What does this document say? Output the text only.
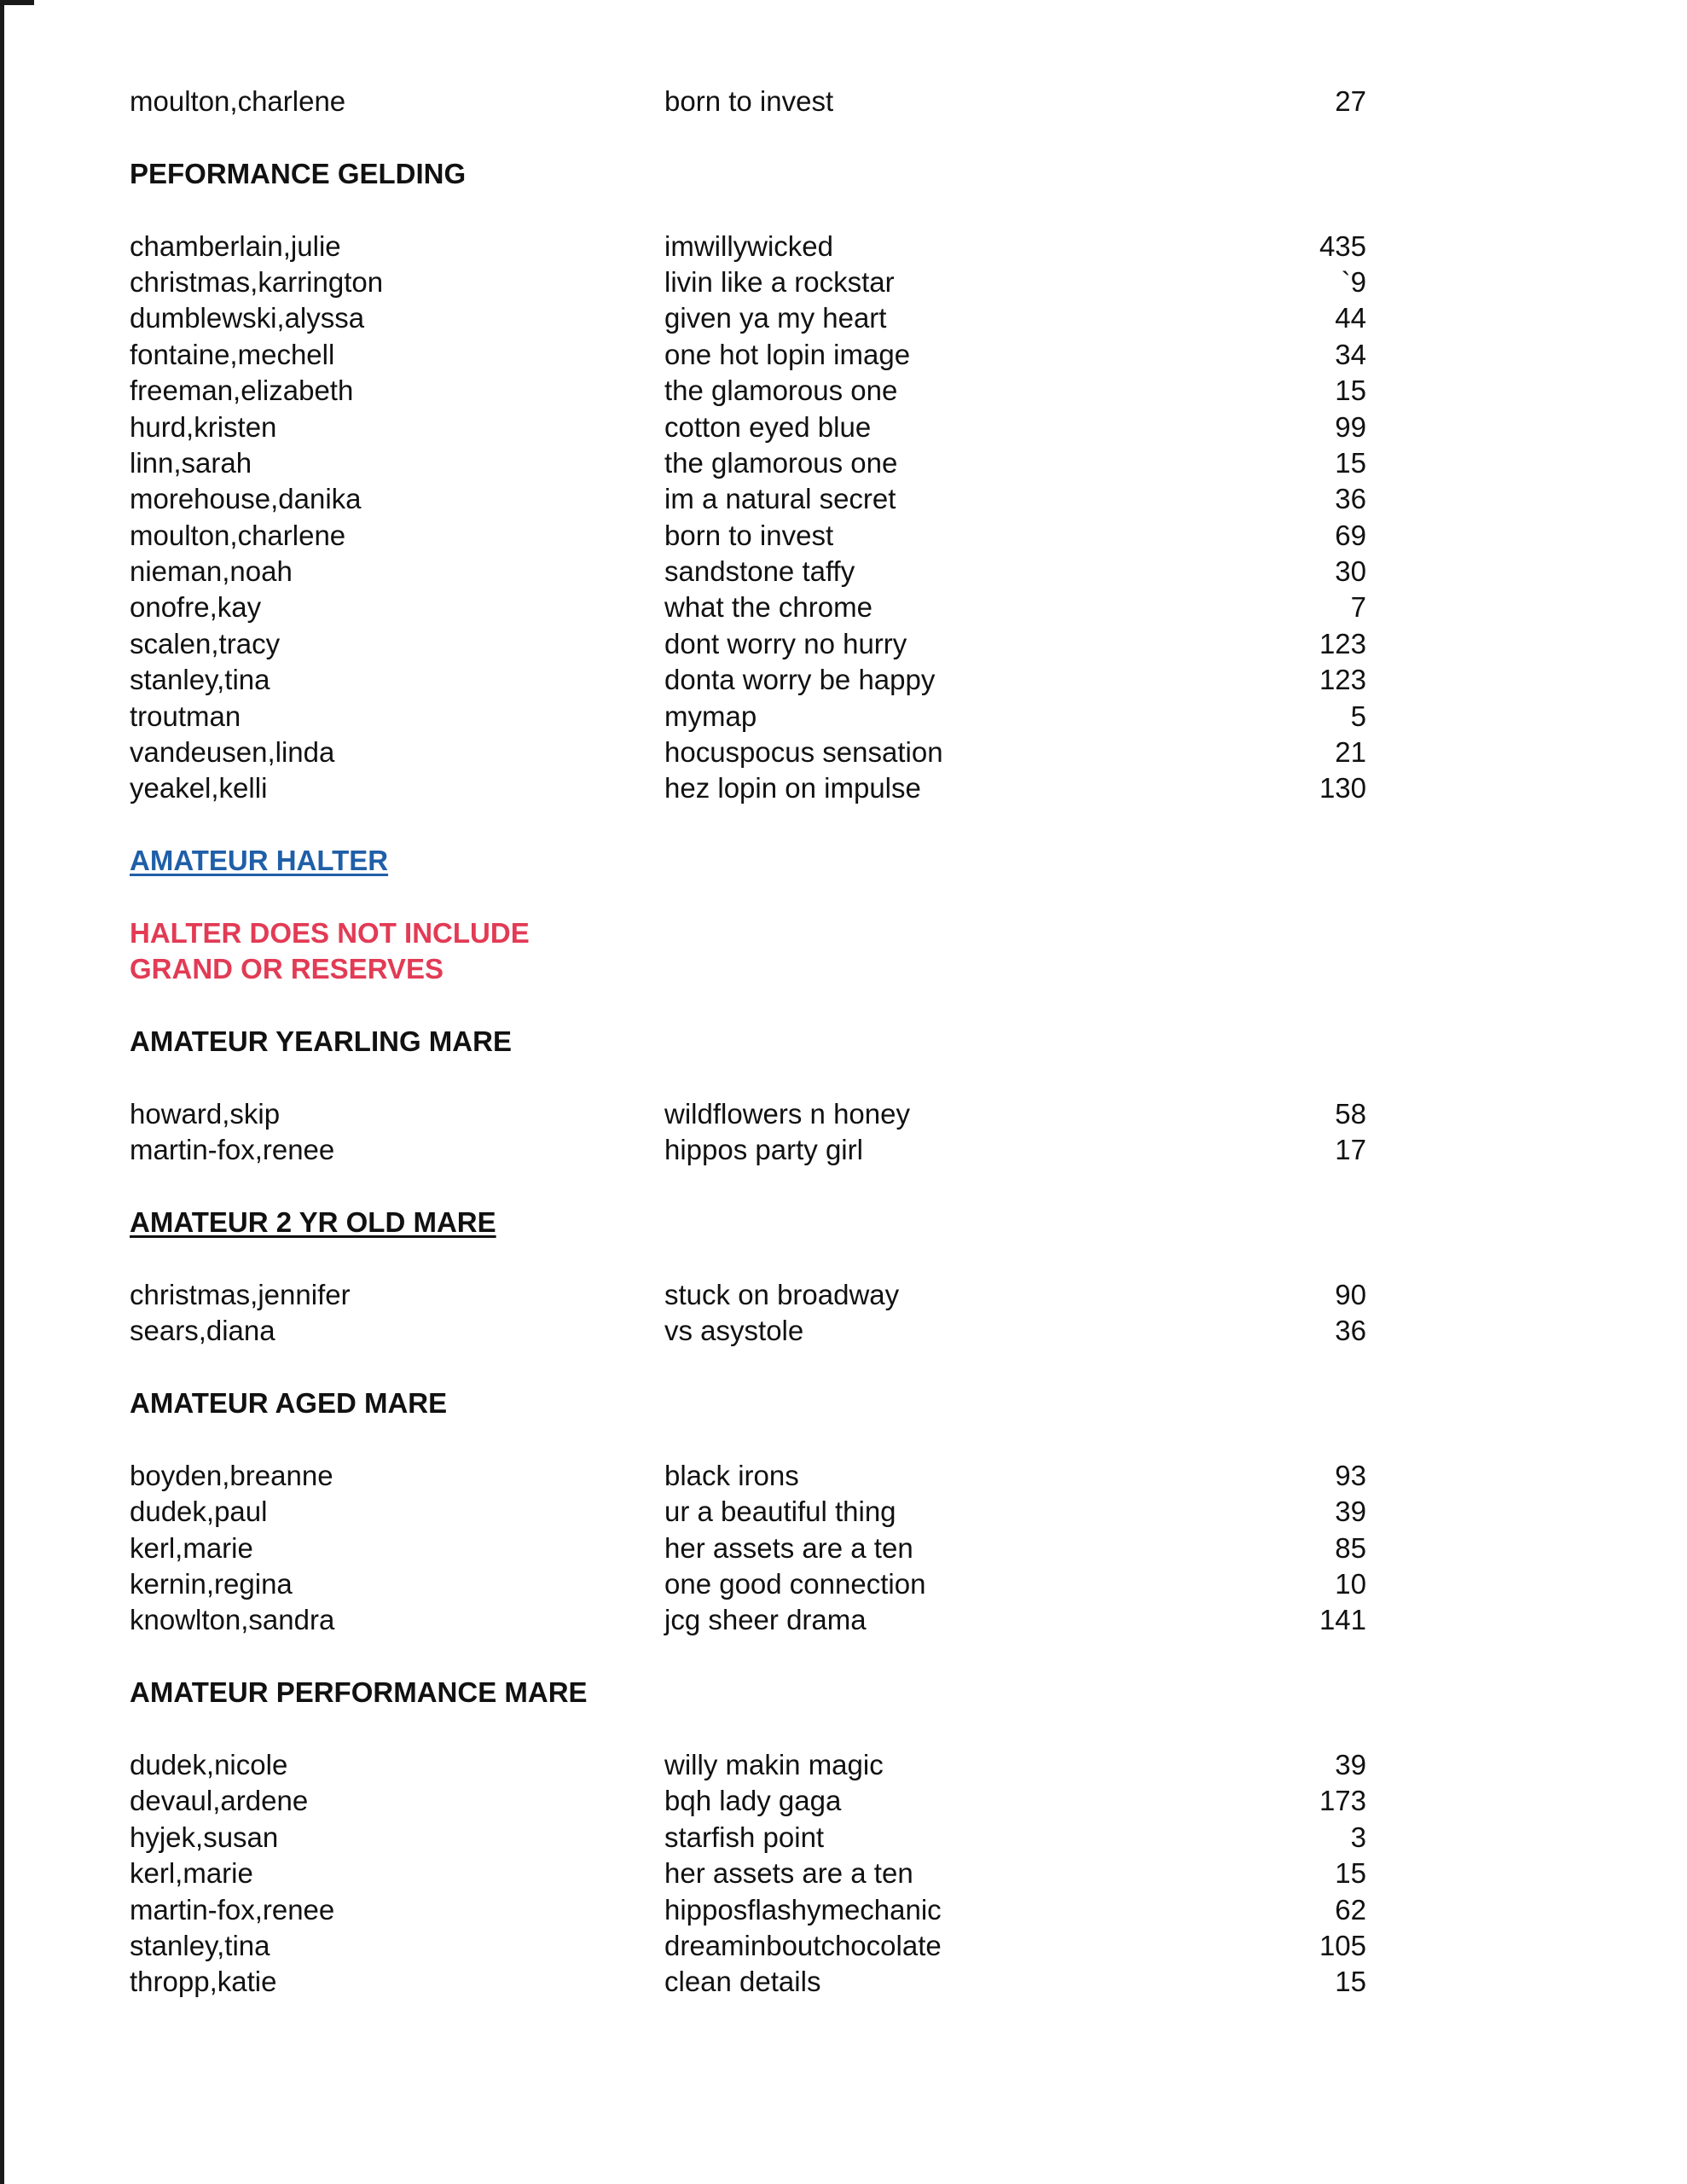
moulton,charlene	born to invest	27
PEFORMANCE GELDING
chamberlain,julie	imwillywicked	435
christmas,karrington	livin like a rockstar	`9
dumblewski,alyssa	given ya my heart	44
fontaine,mechell	one hot lopin image	34
freeman,elizabeth	the glamorous one	15
hurd,kristen	cotton eyed blue	99
linn,sarah	the glamorous one	15
morehouse,danika	im a natural secret	36
moulton,charlene	born to invest	69
nieman,noah	sandstone taffy	30
onofre,kay	what the chrome	7
scalen,tracy	dont worry no hurry	123
stanley,tina	donta worry be happy	123
troutman	mymap	5
vandeusen,linda	hocuspocus sensation	21
yeakel,kelli	hez lopin on impulse	130
AMATEUR HALTER
HALTER DOES NOT INCLUDE
GRAND OR RESERVES
AMATEUR YEARLING MARE
howard,skip	wildflowers n honey	58
martin-fox,renee	hippos party girl	17
AMATEUR 2 YR OLD MARE
christmas,jennifer	stuck on broadway	90
sears,diana	vs asystole	36
AMATEUR AGED MARE
boyden,breanne	black irons	93
dudek,paul	ur a beautiful thing	39
kerl,marie	her assets are a ten	85
kernin,regina	one good connection	10
knowlton,sandra	jcg sheer drama	141
AMATEUR PERFORMANCE MARE
dudek,nicole	willy makin magic	39
devaul,ardene	bqh lady gaga	173
hyjek,susan	starfish point	3
kerl,marie	her assets are a ten	15
martin-fox,renee	hipposflashymechanic	62
stanley,tina	dreaminboutchocolate	105
thropp,katie	clean details	15
